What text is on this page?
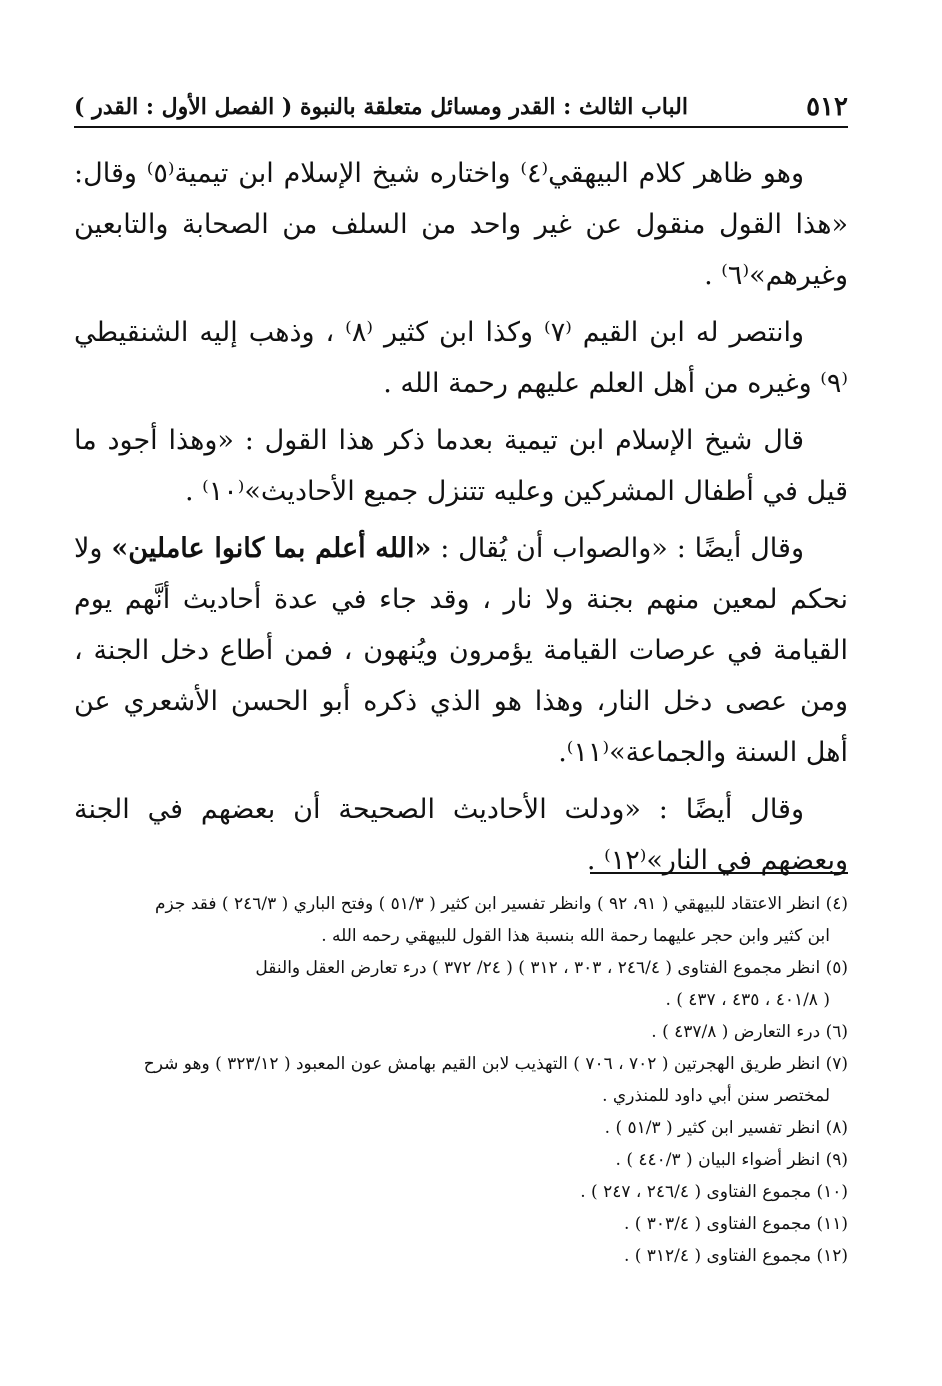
٥١٢
الباب الثالث : القدر ومسائل متعلقة بالنبوة ( الفصل الأول : القدر )

وهو ظاهر كلام البيهقي⁽٤⁾ واختاره شيخ الإسلام ابن تيمية⁽٥⁾ وقال: «هذا القول منقول عن غير واحد من السلف من الصحابة والتابعين وغيرهم»⁽٦⁾ .

وانتصر له ابن القيم ⁽٧⁾ وكذا ابن كثير ⁽٨⁾ ، وذهب إليه الشنقيطي ⁽٩⁾ وغيره من أهل العلم عليهم رحمة الله .

قال شيخ الإسلام ابن تيمية بعدما ذكر هذا القول : «وهذا أجود ما قيل في أطفال المشركين وعليه تتنزل جميع الأحاديث»⁽١٠⁾ .

وقال أيضًا : «والصواب أن يُقال : «الله أعلم بما كانوا عاملين» ولا نحكم لمعين منهم بجنة ولا نار ، وقد جاء في عدة أحاديث أنَّهم يوم القيامة في عرصات القيامة يؤمرون ويُنهون ، فمن أطاع دخل الجنة ، ومن عصى دخل النار، وهذا هو الذي ذكره أبو الحسن الأشعري عن أهل السنة والجماعة»⁽١١⁾.

وقال أيضًا : «ودلت الأحاديث الصحيحة أن بعضهم في الجنة وبعضهم في النار»⁽١٢⁾ .

(٤) انظر الاعتقاد للبيهقي ( ٩١، ٩٢ ) وانظر تفسير ابن كثير ( ٥١/٣ ) وفتح الباري ( ٢٤٦/٣ ) فقد جزم

ابن كثير وابن حجر عليهما رحمة الله بنسبة هذا القول للبيهقي رحمه الله .

(٥) انظر مجموع الفتاوى ( ٢٤٦/٤ ، ٣٠٣ ، ٣١٢ ) ( ٢٤/ ٣٧٢ ) درء تعارض العقل والنقل

( ٤٠١/٨ ، ٤٣٥ ، ٤٣٧ ) .

(٦) درء التعارض ( ٤٣٧/٨ ) .

(٧) انظر طريق الهجرتين ( ٧٠٢ ، ٧٠٦ ) التهذيب لابن القيم بهامش عون المعبود ( ٣٢٣/١٢ ) وهو شرح

لمختصر سنن أبي داود للمنذري .

(٨) انظر تفسير ابن كثير ( ٥١/٣ ) .

(٩) انظر أضواء البيان ( ٤٤٠/٣ ) .

(١٠) مجموع الفتاوى ( ٢٤٦/٤ ، ٢٤٧ ) .

(١١) مجموع الفتاوى ( ٣٠٣/٤ ) .

(١٢) مجموع الفتاوى ( ٣١٢/٤ ) .
